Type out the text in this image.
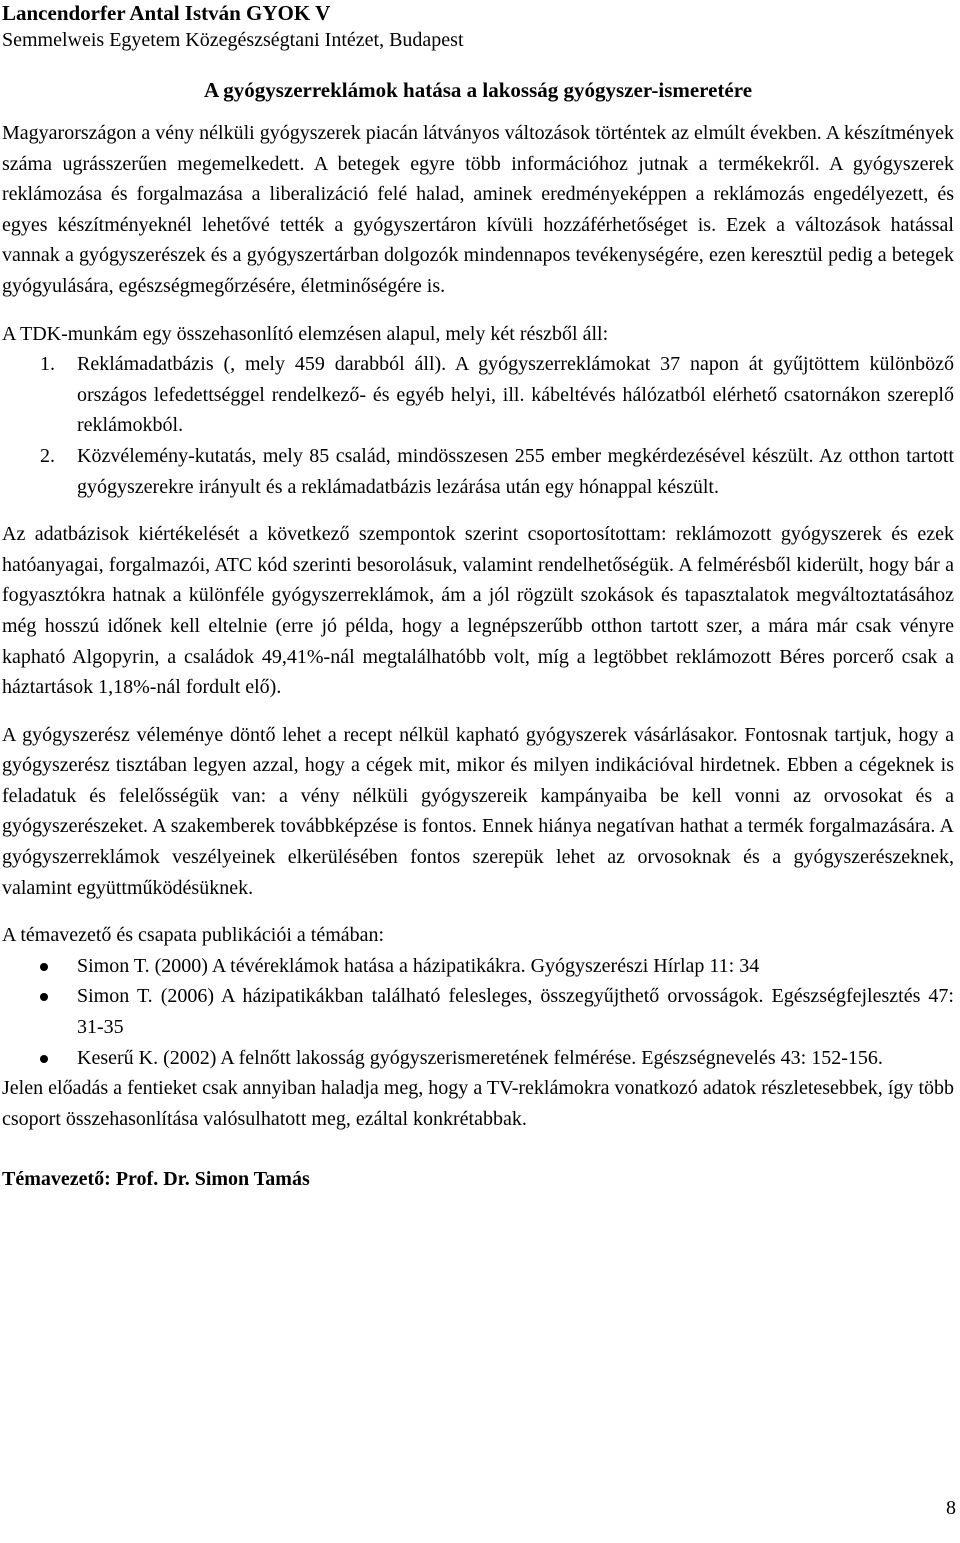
Lancendorfer Antal István GYOK V

Semmelweis Egyetem Közegészségtani Intézet, Budapest

A gyógyszerreklámok hatása a lakosság gyógyszer-ismeretére

Magyarországon a vény nélküli gyógyszerek piacán látványos változások történtek az elmúlt években. A készítmények száma ugrásszerűen megemelkedett. A betegek egyre több információhoz jutnak a termékekről. A gyógyszerek reklámozása és forgalmazása a liberalizáció felé halad, aminek eredményeképpen a reklámozás engedélyezett, és egyes készítményeknél lehetővé tették a gyógyszertáron kívüli hozzáférhetőséget is. Ezek a változások hatással vannak a gyógyszerészek és a gyógyszertárban dolgozók mindennapos tevékenységére, ezen keresztül pedig a betegek gyógyulására, egészségmegőrzésére, életminőségére is.

A TDK-munkám egy összehasonlító elemzésen alapul, mely két részből áll:

1. Reklámadatbázis (, mely 459 darabból áll). A gyógyszerreklámokat 37 napon át gyűjtöttem különböző országos lefedettséggel rendelkező- és egyéb helyi, ill. kábeltévés hálózatból elérhető csatornákon szereplő reklámokból.
2. Közvélemény-kutatás, mely 85 család, mindösszesen 255 ember megkérdezésével készült. Az otthon tartott gyógyszerekre irányult és a reklámadatbázis lezárása után egy hónappal készült.

Az adatbázisok kiértékelését a következő szempontok szerint csoportosítottam: reklámozott gyógyszerek és ezek hatóanyagai, forgalmazói, ATC kód szerinti besorolásuk, valamint rendelhetőségük. A felmérésből kiderült, hogy bár a fogyasztókra hatnak a különféle gyógyszerreklámok, ám a jól rögzült szokások és tapasztalatok megváltoztatásához még hosszú időnek kell eltelnie (erre jó példa, hogy a legnépszerűbb otthon tartott szer, a mára már csak vényre kapható Algopyrin, a családok 49,41%-nál megtalálhatóbb volt, míg a legtöbbet reklámozott Béres porcerő csak a háztartások 1,18%-nál fordult elő).

A gyógyszerész véleménye döntő lehet a recept nélkül kapható gyógyszerek vásárlásakor. Fontosnak tartjuk, hogy a gyógyszerész tisztában legyen azzal, hogy a cégek mit, mikor és milyen indikációval hirdetnek. Ebben a cégeknek is feladatuk és felelősségük van: a vény nélküli gyógyszereik kampányaiba be kell vonni az orvosokat és a gyógyszerészeket. A szakemberek továbbképzése is fontos. Ennek hiánya negatívan hathat a termék forgalmazására. A gyógyszerreklámok veszélyeinek elkerülésében fontos szerepük lehet az orvosoknak és a gyógyszerészeknek, valamint együttműködésüknek.

A témavezető és csapata publikációi a témában:

Simon T. (2000) A tévéreklámok hatása a házipatikákra. Gyógyszerészi Hírlap 11: 34
Simon T. (2006) A házipatikákban található felesleges, összegyűjthető orvosságok. Egészségfejlesztés 47: 31-35
Keserű K. (2002) A felnőtt lakosság gyógyszerismeretének felmérése. Egészségnevelés 43: 152-156.

Jelen előadás a fentieket csak annyiban haladja meg, hogy a TV-reklámokra vonatkozó adatok részletesebbek, így több csoport összehasonlítása valósulhatott meg, ezáltal konkrétabbak.

Témavezető: Prof. Dr. Simon Tamás

8
